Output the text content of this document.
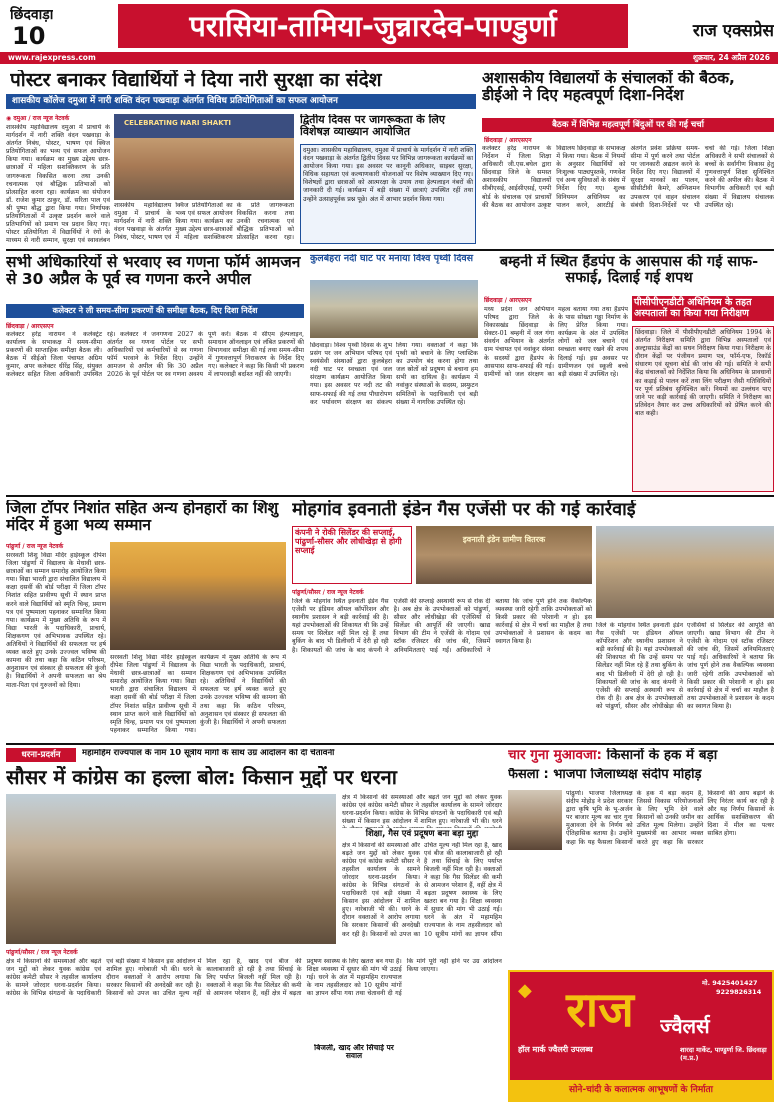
छिंदवाड़ा
10	परासिया-तामिया-जुन्नारदेव-पाण्डुर्णा	राज एक्सप्रेस
www.rajexpress.com	शुक्रवार, 24 अप्रैल 2026
पोस्टर बनाकर विद्यार्थियों ने दिया नारी सुरक्षा का संदेश
शासकीय कॉलेज दमुआ में नारी शक्ति वंदन पखवाड़ा अंतर्गत विविध प्रतियोगिताओं का सफल आयोजन
◉ दमुआ / राज न्यूज नेटवर्क
शासकीय महाविद्यालय दमुआ में प्राचार्य के मार्गदर्शन में नारी शक्ति वंदन पखवाड़ा के अंतर्गत निबंध, पोस्टर, भाषण एवं क्विज प्रतियोगिताओं का भव्य एवं सफल आयोजन किया गया। कार्यक्रम का मुख्य उद्देश्य छात्र-छात्राओं में महिला सशक्तिकरण के प्रति जागरूकता विकसित करना तथा उनकी रचनात्मक एवं बौद्धिक प्रतिभाओं को प्रोत्साहित करना रहा। कार्यक्रम का संयोजन डॉ. राजेश कुमार ठाकुर, डॉ. सरिता पाल एवं श्री पुष्पा बौद्ध द्वारा किया गया। निर्णायक प्रतियोगिताओं में उत्कृष्ट प्रदर्शन करने वाले प्रतिभागियों को प्रमाण पत्र प्रदान किए गए। पोस्टर प्रतियोगिता में विद्यार्थियों ने रंगों के माध्यम से नारी सम्मान, सुरक्षा एवं स्वावलंबन
CELEBRATING NARI SHAKTI
शासकीय महाविद्यालय दमुआ में प्राचार्य के मार्गदर्शन में नारी शक्ति वंदन पखवाड़ा के अंतर्गत निबंध, पोस्टर, भाषण एवं क्विज प्रतियोगिताओं का भव्य एवं सफल आयोजन किया गया। कार्यक्रम का मुख्य उद्देश्य छात्र-छात्राओं में महिला सशक्तिकरण के प्रति जागरूकता विकसित करना तथा उनकी रचनात्मक एवं बौद्धिक प्रतिभाओं को प्रोत्साहित करना रहा।
द्वितीय दिवस पर जागरूकता के लिए विशेषज्ञ व्याख्यान आयोजित
दमुआ। शासकीय महाविद्यालय, दमुआ में प्राचार्य के मार्गदर्शन में नारी शक्ति वंदन पखवाड़ा के अंतर्गत द्वितीय दिवस पर विभिन्न जागरूकता कार्यक्रमों का आयोजन किया गया। इस अवसर पर कानूनी अधिकार, साइबर सुरक्षा, विधिक सहायता एवं कल्याणकारी योजनाओं पर विशेष व्याख्यान दिए गए। विशेषज्ञों द्वारा छात्राओं को आत्मरक्षा के उपाय तथा हेल्पलाइन नंबरों की जानकारी दी गई। कार्यक्रम में बड़ी संख्या में छात्राएं उपस्थित रहीं तथा उन्होंने उत्साहपूर्वक प्रश्न पूछे। अंत में आभार प्रदर्शन किया गया।
अशासकीय विद्यालयों के संचालकों की बैठक, डीईओ ने दिए महत्वपूर्ण दिशा-निर्देश
बैठक में विभिन्न महत्वपूर्ण बिंदुओं पर की गई चर्चा
छिंदवाड़ा / आरएसएन
कलेक्टर हरेंद्र नारायन के निर्देशन में जिला शिक्षा अधिकारी जी.एस.बघेल द्वारा छिंदवाड़ा जिले के समस्त अशासकीय विद्यालयों सीबीएसई, आईसीएसई, एमपी बोर्ड के संचालक एवं प्राचार्यों की बैठक का आयोजन उत्कृष्ट विद्यालय छिंदवाड़ा के सभाकक्ष में किया गया। बैठक में नियमों के अनुसार विद्यार्थियों को निःशुल्क पाठ्यपुस्तकें, गणवेश एवं अन्य सुविधाओं के संबंध में निर्देश दिए गए। शुल्क विनियमन अधिनियम का पालन करने, आरटीई के अंतर्गत प्रवेश प्रक्रिया समय-सीमा में पूर्ण करने तथा पोर्टल पर जानकारी अद्यतन करने के निर्देश दिए गए। विद्यालयों में सुरक्षा मानकों का पालन, सीसीटीवी कैमरे, अग्निशमन उपकरण एवं वाहन संचालन संबंधी दिशा-निर्देशों पर भी चर्चा की गई। जिला शिक्षा अधिकारी ने सभी संचालकों से बच्चों के सर्वांगीण विकास हेतु गुणवत्तापूर्ण शिक्षा सुनिश्चित करने की अपील की। बैठक में विभागीय अधिकारी एवं बड़ी संख्या में विद्यालय संचालक उपस्थित रहे।
सभी अधिकारियों से भरवाए स्व गणना फॉर्म आमजन से 30 अप्रैल के पूर्व स्व गणना करने अपील
कलेक्टर ने ली समय-सीमा प्रकरणों की समीक्षा बैठक, दिए दिशा निर्देश
छिंदवाड़ा / आरएसएन
कलेक्टर हरेंद्र नारायन ने कलेक्ट्रेट कार्यालय के सभाकक्ष में समय-सीमा प्रकरणों की साप्ताहिक समीक्षा बैठक ली। बैठक में सीईओ जिला पंचायत अग्रिम कुमार, अपर कलेक्टर धीरेंद्र सिंह, संयुक्त कलेक्टर सहित जिला अधिकारी उपस्थित रहे। कलेक्टर ने जनगणना 2027 के अंतर्गत स्व गणना पोर्टल पर सभी अधिकारियों एवं कर्मचारियों से स्व गणना फॉर्म भरवाने के निर्देश दिए। उन्होंने आमजन से अपील की कि 30 अप्रैल 2026 के पूर्व पोर्टल पर स्व गणना अवश्य पूर्ण करें। बैठक में सीएम हेल्पलाइन, समाधान ऑनलाइन एवं लंबित प्रकरणों की विभागवार समीक्षा की गई तथा समय-सीमा में गुणवत्तापूर्ण निराकरण के निर्देश दिए गए। कलेक्टर ने कहा कि किसी भी प्रकरण में लापरवाही बर्दाश्त नहीं की जाएगी।
कुलबेहरा नदी घाट पर मनाया विश्व पृथ्वी दिवस
छिंदवाड़ा। विश्व पृथ्वी दिवस के शुभ प्रसंग पर जन अभियान परिषद एवं स्वयंसेवी संस्थाओं द्वारा कुलबेहरा नदी घाट पर स्वच्छता एवं जल संरक्षण कार्यक्रम आयोजित किया गया। इस अवसर पर नदी तट की साफ-सफाई की गई तथा पौधारोपण कर पर्यावरण संरक्षण का संकल्प लिया गया। वक्ताओं ने कहा कि पृथ्वी को बचाने के लिए प्लास्टिक का उपयोग बंद करना होगा तथा जल स्रोतों को प्रदूषण से बचाना हम सभी का दायित्व है। कार्यक्रम में नवांकुर संस्थाओं के सदस्य, प्रस्फुटन समितियों के पदाधिकारी एवं बड़ी संख्या में नागरिक उपस्थित रहे।
बम्हनी में स्थित हैंडपंप के आसपास की गई साफ-सफाई, दिलाई गई शपथ
छिंदवाड़ा / आरएसएन
मध्य प्रदेश जन अभियान परिषद द्वारा जिले के विकासखंड छिंदवाड़ा के सेक्टर-01 बम्हनी में जल गंगा संवर्धन अभियान के अंतर्गत ग्राम पंचायत एवं नवांकुर संस्था के सदस्यों द्वारा हैंडपंप के आसपास साफ-सफाई की गई। ग्रामीणों को जल संरक्षण का महत्व बताया गया तथा हैंडपंप के पास सोख्ता गड्ढा निर्माण के लिए प्रेरित किया गया। कार्यक्रम के अंत में उपस्थित लोगों को जल बचाने एवं स्वच्छता बनाए रखने की शपथ दिलाई गई। इस अवसर पर ग्रामीणजन एवं स्कूली बच्चे बड़ी संख्या में उपस्थित रहे।
पीसीपीएनडीटी अधिनियम के तहत अस्पतालों का किया गया निरीक्षण
छिंदवाड़ा। जिले में पीसीपीएनडीटी अधिनियम 1994 के अंतर्गत निरीक्षण समिति द्वारा विभिन्न अस्पतालों एवं अल्ट्रासाउंड केंद्रों का सघन निरीक्षण किया गया। निरीक्षण के दौरान केंद्रों पर पंजीयन प्रमाण पत्र, फॉर्म-एफ, रिकॉर्ड संधारण एवं सूचना बोर्ड की जांच की गई। समिति ने सभी केंद्र संचालकों को निर्देशित किया कि अधिनियम के प्रावधानों का कड़ाई से पालन करें तथा लिंग परीक्षण जैसी गतिविधियों पर पूर्ण प्रतिबंध सुनिश्चित करें। नियमों का उल्लंघन पाए जाने पर कड़ी कार्रवाई की जाएगी। समिति ने निरीक्षण का प्रतिवेदन तैयार कर उच्च अधिकारियों को प्रेषित करने की बात कही।
जिला टॉपर निशांत सहित अन्य होनहारों का शिशु मंदिर में हुआ भव्य सम्मान
पांढुर्णा / राज न्यूज नेटवर्क
सरस्वती शिशु विद्या मंदिर हाईस्कूल दीपेश जिला पांढुर्णा में विद्यालय के मेधावी छात्र-छात्राओं का सम्मान समारोह आयोजित किया गया। विद्या भारती द्वारा संचालित विद्यालय में कक्षा दसवीं की बोर्ड परीक्षा में जिला टॉपर निशांत सहित प्रावीण्य सूची में स्थान प्राप्त करने वाले विद्यार्थियों को स्मृति चिन्ह, प्रमाण पत्र एवं पुष्पमाला पहनाकर सम्मानित किया गया। कार्यक्रम में मुख्य अतिथि के रूप में विद्या भारती के पदाधिकारी, प्राचार्य, शिक्षकगण एवं अभिभावक उपस्थित रहे। अतिथियों ने विद्यार्थियों की सफलता पर हर्ष व्यक्त करते हुए उनके उज्ज्वल भविष्य की कामना की तथा कहा कि कठिन परिश्रम, अनुशासन एवं संस्कार ही सफलता की कुंजी है। विद्यार्थियों ने अपनी सफलता का श्रेय माता-पिता एवं गुरुजनों को दिया।
सरस्वती शिशु विद्या मंदिर हाईस्कूल दीपेश जिला पांढुर्णा में विद्यालय के मेधावी छात्र-छात्राओं का सम्मान समारोह आयोजित किया गया। विद्या भारती द्वारा संचालित विद्यालय में कक्षा दसवीं की बोर्ड परीक्षा में जिला टॉपर निशांत सहित प्रावीण्य सूची में स्थान प्राप्त करने वाले विद्यार्थियों को स्मृति चिन्ह, प्रमाण पत्र एवं पुष्पमाला पहनाकर सम्मानित किया गया। कार्यक्रम में मुख्य अतिथि के रूप में विद्या भारती के पदाधिकारी, प्राचार्य, शिक्षकगण एवं अभिभावक उपस्थित रहे। अतिथियों ने विद्यार्थियों की सफलता पर हर्ष व्यक्त करते हुए उनके उज्ज्वल भविष्य की कामना की तथा कहा कि कठिन परिश्रम, अनुशासन एवं संस्कार ही सफलता की कुंजी है। विद्यार्थियों ने अपनी सफलता
मोहगांव इवनाती इंडेन गैस एजेंसी पर की गई कार्रवाई
कंपनी ने रोकी सिलेंडर की सप्लाई, पांढुर्णा-सौसर और लोधीखेड़ा से होगी सप्लाई
इवनाती इंडेन ग्रामीण वितरक
पांढुर्णा/सौसर / राज न्यूज नेटवर्क
जिले के मोहगांव स्थित इवनाती इंडेन गैस एजेंसी पर इंडियन ऑयल कॉर्पोरेशन और स्थानीय प्रशासन ने बड़ी कार्रवाई की है। यहां उपभोक्ताओं की शिकायत थी कि उन्हें समय पर सिलेंडर नहीं मिल रहे हैं तथा बुकिंग के बाद भी डिलीवरी में देरी हो रही है। शिकायतों की जांच के बाद कंपनी ने एजेंसी की सप्लाई अस्थायी रूप से रोक दी है। अब क्षेत्र के उपभोक्ताओं को पांढुर्णा, सौसर और लोधीखेड़ा की एजेंसियों से सिलेंडर की आपूर्ति की जाएगी। खाद्य विभाग की टीम ने एजेंसी के गोदाम एवं स्टॉक रजिस्टर की जांच की, जिसमें अनियमितताएं पाई गईं। अधिकारियों ने बताया कि जांच पूर्ण होने तक वैकल्पिक व्यवस्था जारी रहेगी ताकि उपभोक्ताओं को किसी प्रकार की परेशानी न हो। इस कार्रवाई से क्षेत्र में चर्चा का माहौल है तथा उपभोक्ताओं ने प्रशासन के कदम का स्वागत किया है।
जिले के मोहगांव स्थित इवनाती इंडेन गैस एजेंसी पर इंडियन ऑयल कॉर्पोरेशन और स्थानीय प्रशासन ने बड़ी कार्रवाई की है। यहां उपभोक्ताओं की शिकायत थी कि उन्हें समय पर सिलेंडर नहीं मिल रहे हैं तथा बुकिंग के बाद भी डिलीवरी में देरी हो रही है। शिकायतों की जांच के बाद कंपनी ने एजेंसी की सप्लाई अस्थायी रूप से रोक दी है। अब क्षेत्र के उपभोक्ताओं को पांढुर्णा, सौसर और लोधीखेड़ा की एजेंसियों से सिलेंडर की आपूर्ति की जाएगी। खाद्य विभाग की टीम ने एजेंसी के गोदाम एवं स्टॉक रजिस्टर की जांच की, जिसमें अनियमितताएं पाई गईं। अधिकारियों ने बताया कि जांच पूर्ण होने तक वैकल्पिक व्यवस्था जारी रहेगी ताकि उपभोक्ताओं को किसी प्रकार की परेशानी न हो। इस कार्रवाई से क्षेत्र में चर्चा का माहौल है तथा उपभोक्ताओं ने प्रशासन के कदम का स्वागत किया है।
धरना-प्रदर्शन	महामहिम राज्यपाल के नाम 10 सूत्रीय मांगों के साथ उग्र आंदोलन की दी चेतावनी
सौसर में कांग्रेस का हल्ला बोल: किसान मुद्दों पर धरना
क्षेत्र में किसानों की समस्याओं और बढ़ते जन मुद्दों को लेकर युवक कांग्रेस एवं कांग्रेस कमेटी सौसर ने तहसील कार्यालय के सामने जोरदार धरना-प्रदर्शन किया। कांग्रेस के विभिन्न संगठनों के पदाधिकारी एवं बड़ी संख्या में किसान इस आंदोलन में शामिल हुए। नारेबाजी भी की। धरने
शिक्षा, गैस एवं प्रदूषण बना बड़ा मुद्दा
क्षेत्र में किसानों की समस्याओं और बढ़ते जन मुद्दों को लेकर युवक कांग्रेस एवं कांग्रेस कमेटी सौसर ने तहसील कार्यालय के सामने जोरदार धरना-प्रदर्शन किया। कांग्रेस के विभिन्न संगठनों के पदाधिकारी एवं बड़ी संख्या में किसान इस आंदोलन में शामिल हुए। नारेबाजी भी की। धरने के दौरान वक्ताओं ने आरोप लगाया कि सरकार किसानों की अनदेखी कर रही है। किसानों को उपज का उचित मूल्य नहीं मिल रहा है, खाद एवं बीज की कालाबाजारी हो रही है तथा सिंचाई के लिए पर्याप्त बिजली नहीं मिल रही है। वक्ताओं ने कहा कि गैस सिलेंडर की कमी से आमजन परेशान हैं, वहीं क्षेत्र में बढ़ता प्रदूषण स्वास्थ्य के लिए खतरा बन गया है। शिक्षा व्यवस्था में सुधार की मांग भी उठाई गई। धरने के अंत में महामहिम राज्यपाल के नाम तहसीलदार को 10 सूत्रीय मांगों का ज्ञापन सौंपा
पांढुर्णा/सौसर / राज न्यूज नेटवर्क
क्षेत्र में किसानों की समस्याओं और बढ़ते जन मुद्दों को लेकर युवक कांग्रेस एवं कांग्रेस कमेटी सौसर ने तहसील कार्यालय के सामने जोरदार धरना-प्रदर्शन किया। कांग्रेस के विभिन्न संगठनों के पदाधिकारी एवं बड़ी संख्या में किसान इस आंदोलन में शामिल हुए। नारेबाजी भी की। धरने के दौरान वक्ताओं ने आरोप लगाया कि सरकार किसानों की अनदेखी कर रही है। किसानों को उपज का उचित मूल्य नहीं मिल रहा है, खाद एवं बीज की कालाबाजारी हो रही है तथा सिंचाई के लिए पर्याप्त बिजली नहीं मिल रही है। वक्ताओं ने कहा कि गैस सिलेंडर की कमी से आमजन परेशान हैं, वहीं क्षेत्र में बढ़ता प्रदूषण स्वास्थ्य के लिए खतरा बन गया है। शिक्षा व्यवस्था में सुधार की मांग भी उठाई गई। धरने के अंत में महामहिम राज्यपाल के नाम तहसीलदार को 10 सूत्रीय मांगों का ज्ञापन सौंपा गया तथा चेतावनी दी गई कि मांगें पूरी नहीं होने पर उग्र आंदोलन किया जाएगा।
बिजली, खाद और सिंचाई पर सवाल
चार गुना मुआवजा: किसानों के हक में बड़ा
फैसला : भाजपा जिलाध्यक्ष संदीप मोहोड़
पांढुर्णा। भाजपा जिलाध्यक्ष संदीप मोहोड़ ने प्रदेश सरकार द्वारा कृषि भूमि के भू-अर्जन पर बाजार मूल्य का चार गुना मुआवजा देने के निर्णय को ऐतिहासिक बताया है। उन्होंने कहा कि यह फैसला किसानों के हक में बड़ा कदम है, जिससे विकास परियोजनाओं के लिए भूमि देने वाले किसानों को उनकी जमीन का उचित मूल्य मिलेगा। उन्होंने मुख्यमंत्री का आभार व्यक्त करते हुए कहा कि सरकार किसानों की आय बढ़ाने के लिए निरंतर कार्य कर रही है और यह निर्णय किसानों के आर्थिक सशक्तिकरण की दिशा में मील का पत्थर साबित होगा।
मो. 9425401427
9229826314
राज	ज्वैलर्स
◆
हॉल मार्क ज्वैलरी उपलब्ध	शारदा मार्केट, पाण्डुर्णा जि. छिंदवाड़ा (म.प्र.)
सोने-चांदी के कलात्मक आभूषणों के निर्माता
